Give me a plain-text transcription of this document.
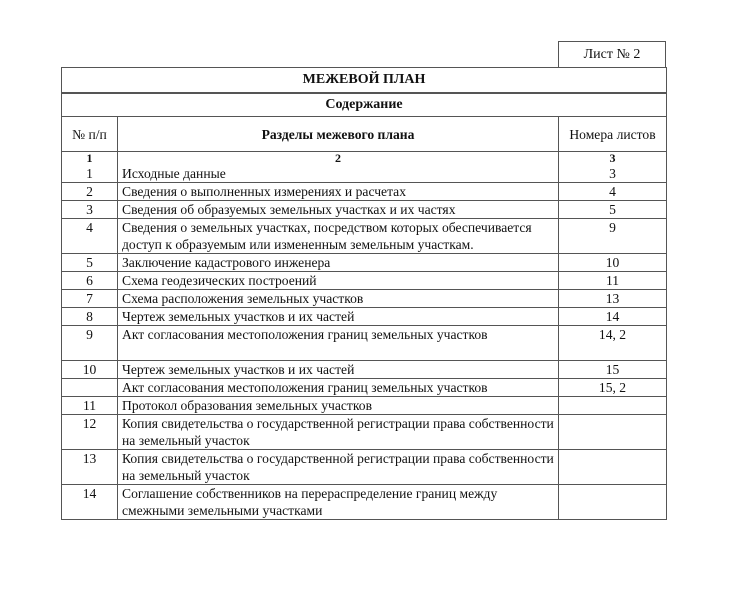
Лист № 2
МЕЖЕВОЙ ПЛАН
Содержание
№ п/п	Разделы межевого плана	Номера листов
1	2	3
1	Исходные данные	3
2	Сведения о выполненных измерениях и расчетах	4
3	Сведения об образуемых земельных участках и их частях	5
4	Сведения о земельных участках, посредством которых обеспечивается доступ к образуемым или измененным земельным участкам.	9
5	Заключение кадастрового инженера	10
6	Схема геодезических построений	11
7	Схема расположения земельных участков	13
8	Чертеж земельных участков и их частей	14
9	Акт согласования местоположения границ земельных участков	14, 2
10	Чертеж земельных участков и их частей	15
	Акт согласования местоположения границ земельных участков	15, 2
11	Протокол образования земельных участков	
12	Копия свидетельства о государственной регистрации права собственности на земельный участок	
13	Копия свидетельства о государственной регистрации права собственности на земельный участок	
14	Соглашение собственников на перераспределение границ между смежными земельными участками	
